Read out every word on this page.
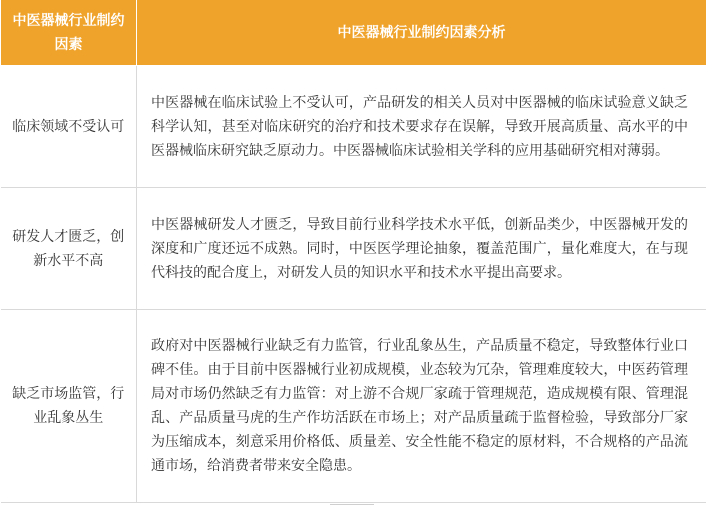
中医器械行业制约因素	中医器械行业制约因素分析
临床领域不受认可	中医器械在临床试验上不受认可，产品研发的相关人员对中医器械的临床试验意义缺乏科学认知，甚至对临床研究的治疗和技术要求存在误解，导致开展高质量、高水平的中医器械临床研究缺乏原动力。中医器械临床试验相关学科的应用基础研究相对薄弱。
研发人才匮乏，创新水平不高	中医器械研发人才匮乏，导致目前行业科学技术水平低，创新品类少，中医器械开发的深度和广度还远不成熟。同时，中医医学理论抽象，覆盖范围广，量化难度大，在与现代科技的配合度上，对研发人员的知识水平和技术水平提出高要求。
缺乏市场监管，行业乱象丛生	政府对中医器械行业缺乏有力监管，行业乱象丛生，产品质量不稳定，导致整体行业口碑不佳。由于目前中医器械行业初成规模，业态较为冗杂，管理难度较大，中医药管理局对市场仍然缺乏有力监管：对上游不合规厂家疏于管理规范，造成规模有限、管理混乱、产品质量马虎的生产作坊活跃在市场上；对产品质量疏于监督检验，导致部分厂家为压缩成本，刻意采用价格低、质量差、安全性能不稳定的原材料，不合规格的产品流通市场，给消费者带来安全隐患。
